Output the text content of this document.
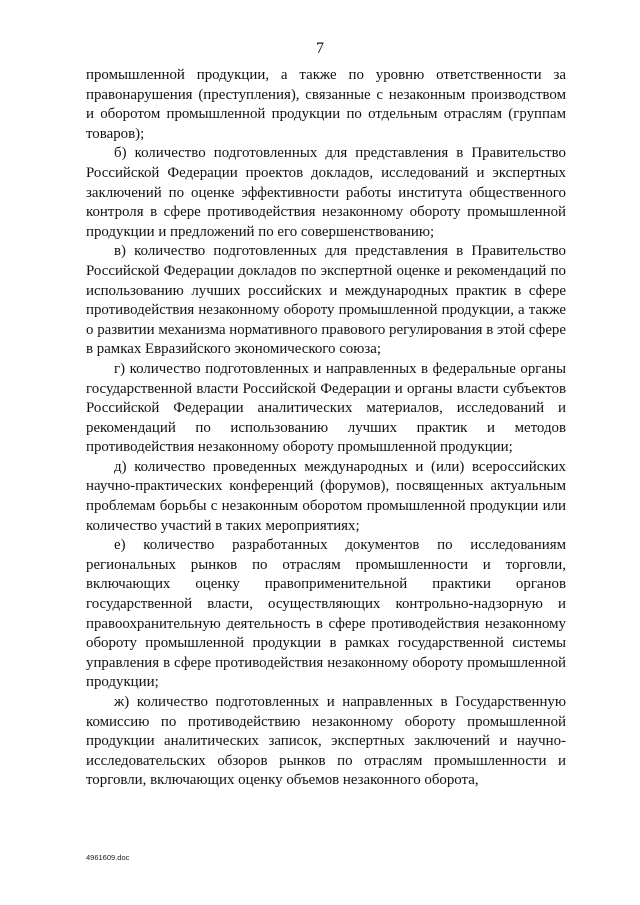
7

промышленной продукции, а также по уровню ответственности за правонарушения (преступления), связанные с незаконным производством и оборотом промышленной продукции по отдельным отраслям (группам товаров);

б) количество подготовленных для представления в Правительство Российской Федерации проектов докладов, исследований и экспертных заключений по оценке эффективности работы института общественного контроля в сфере противодействия незаконному обороту промышленной продукции и предложений по его совершенствованию;

в) количество подготовленных для представления в Правительство Российской Федерации докладов по экспертной оценке и рекомендаций по использованию лучших российских и международных практик в сфере противодействия незаконному обороту промышленной продукции, а также о развитии механизма нормативного правового регулирования в этой сфере в рамках Евразийского экономического союза;

г) количество подготовленных и направленных в федеральные органы государственной власти Российской Федерации и органы власти субъектов Российской Федерации аналитических материалов, исследований и рекомендаций по использованию лучших практик и методов противодействия незаконному обороту промышленной продукции;

д) количество проведенных международных и (или) всероссийских научно-практических конференций (форумов), посвященных актуальным проблемам борьбы с незаконным оборотом промышленной продукции или количество участий в таких мероприятиях;

е) количество разработанных документов по исследованиям региональных рынков по отраслям промышленности и торговли, включающих оценку правоприменительной практики органов государственной власти, осуществляющих контрольно-надзорную и правоохранительную деятельность в сфере противодействия незаконному обороту промышленной продукции в рамках государственной системы управления в сфере противодействия незаконному обороту промышленной продукции;

ж) количество подготовленных и направленных в Государственную комиссию по противодействию незаконному обороту промышленной продукции аналитических записок, экспертных заключений и научно-исследовательских обзоров рынков по отраслям промышленности и торговли, включающих оценку объемов незаконного оборота,

4961609.doc
